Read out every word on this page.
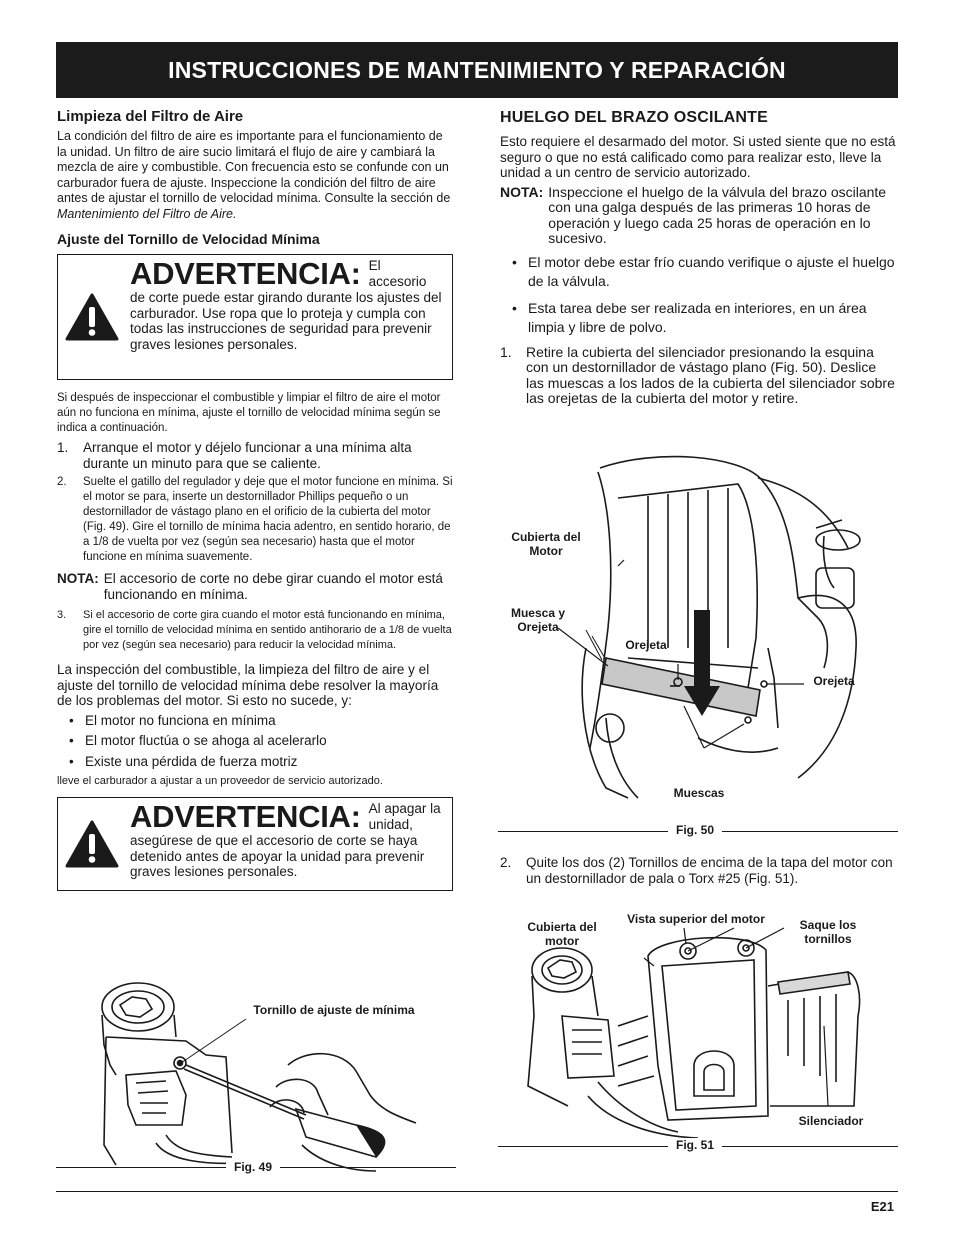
INSTRUCCIONES DE MANTENIMIENTO Y REPARACIÓN
Limpieza del Filtro de Aire

La condición del filtro de aire es importante para el funcionamiento de la unidad. Un filtro de aire sucio limitará el flujo de aire y cambiará la mezcla de aire y combustible. Con frecuencia esto se confunde con un carburador fuera de ajuste. Inspeccione la condición del filtro de aire antes de ajustar el tornillo de velocidad mínima. Consulte la sección de Mantenimiento del Filtro de Aire.

Ajuste del Tornillo de Velocidad Mínima
ADVERTENCIA: El accesorio
de corte puede estar girando durante los ajustes del carburador. Use ropa que lo proteja y cumpla con todas las instrucciones de seguridad para prevenir graves lesiones personales.

Si después de inspeccionar el combustible y limpiar el filtro de aire el motor aún no funciona en mínima, ajuste el tornillo de velocidad mínima según se indica a continuación.

1.	Arranque el motor y déjelo funcionar a una mínima alta durante un minuto para que se caliente.
2.	Suelte el gatillo del regulador y deje que el motor funcione en mínima. Si el motor se para, inserte un destornillador Phillips pequeño o un destornillador de vástago plano en el orificio de la cubierta del motor (Fig. 49). Gire el tornillo de mínima hacia adentro, en sentido horario, de a 1/8 de vuelta por vez (según sea necesario) hasta que el motor funcione en mínima suavemente.
NOTA: El accesorio de corte no debe girar cuando el motor está funcionando en mínima.
3.	Si el accesorio de corte gira cuando el motor está funcionando en mínima, gire el tornillo de velocidad mínima en sentido antihorario de a 1/8 de vuelta por vez (según sea necesario) para reducir la velocidad mínima.

La inspección del combustible, la limpieza del filtro de aire y el ajuste del tornillo de velocidad mínima debe resolver la mayoría de los problemas del motor. Si esto no sucede, y:

• El motor no funciona en mínima
• El motor fluctúa o se ahoga al acelerarlo
• Existe una pérdida de fuerza motriz

lleve el carburador a ajustar a un proveedor de servicio autorizado.

ADVERTENCIA: Al apagar la unidad,
asegúrese de que el accesorio de corte se haya detenido antes de apoyar la unidad para prevenir graves lesiones personales.
Tornillo de ajuste de mínima
Fig. 49
HUELGO DEL BRAZO OSCILANTE

Esto requiere el desarmado del motor. Si usted siente que no está seguro o que no está calificado como para realizar esto, lleve la unidad a un centro de servicio autorizado.

NOTA: Inspeccione el huelgo de la válvula del brazo oscilante con una galga después de las primeras 10 horas de operación y luego cada 25 horas de operación en lo sucesivo.
• El motor debe estar frío cuando verifique o ajuste el huelgo de la válvula.
• Esta tarea debe ser realizada en interiores, en un área limpia y libre de polvo.
1.	Retire la cubierta del silenciador presionando la esquina con un destornillador de vástago plano (Fig. 50). Deslice las muescas a los lados de la cubierta del silenciador sobre las orejetas de la cubierta del motor y retire.
Cubierta del Motor
Muesca y Orejeta
Orejeta
Orejeta
Muescas
Fig. 50
2.	Quite los dos (2) Tornillos de encima de la tapa del motor con un destornillador de pala o Torx #25 (Fig. 51).
Cubierta del motor
Vista superior del motor	Saque los tornillos
Silenciador
Fig. 51
E21
